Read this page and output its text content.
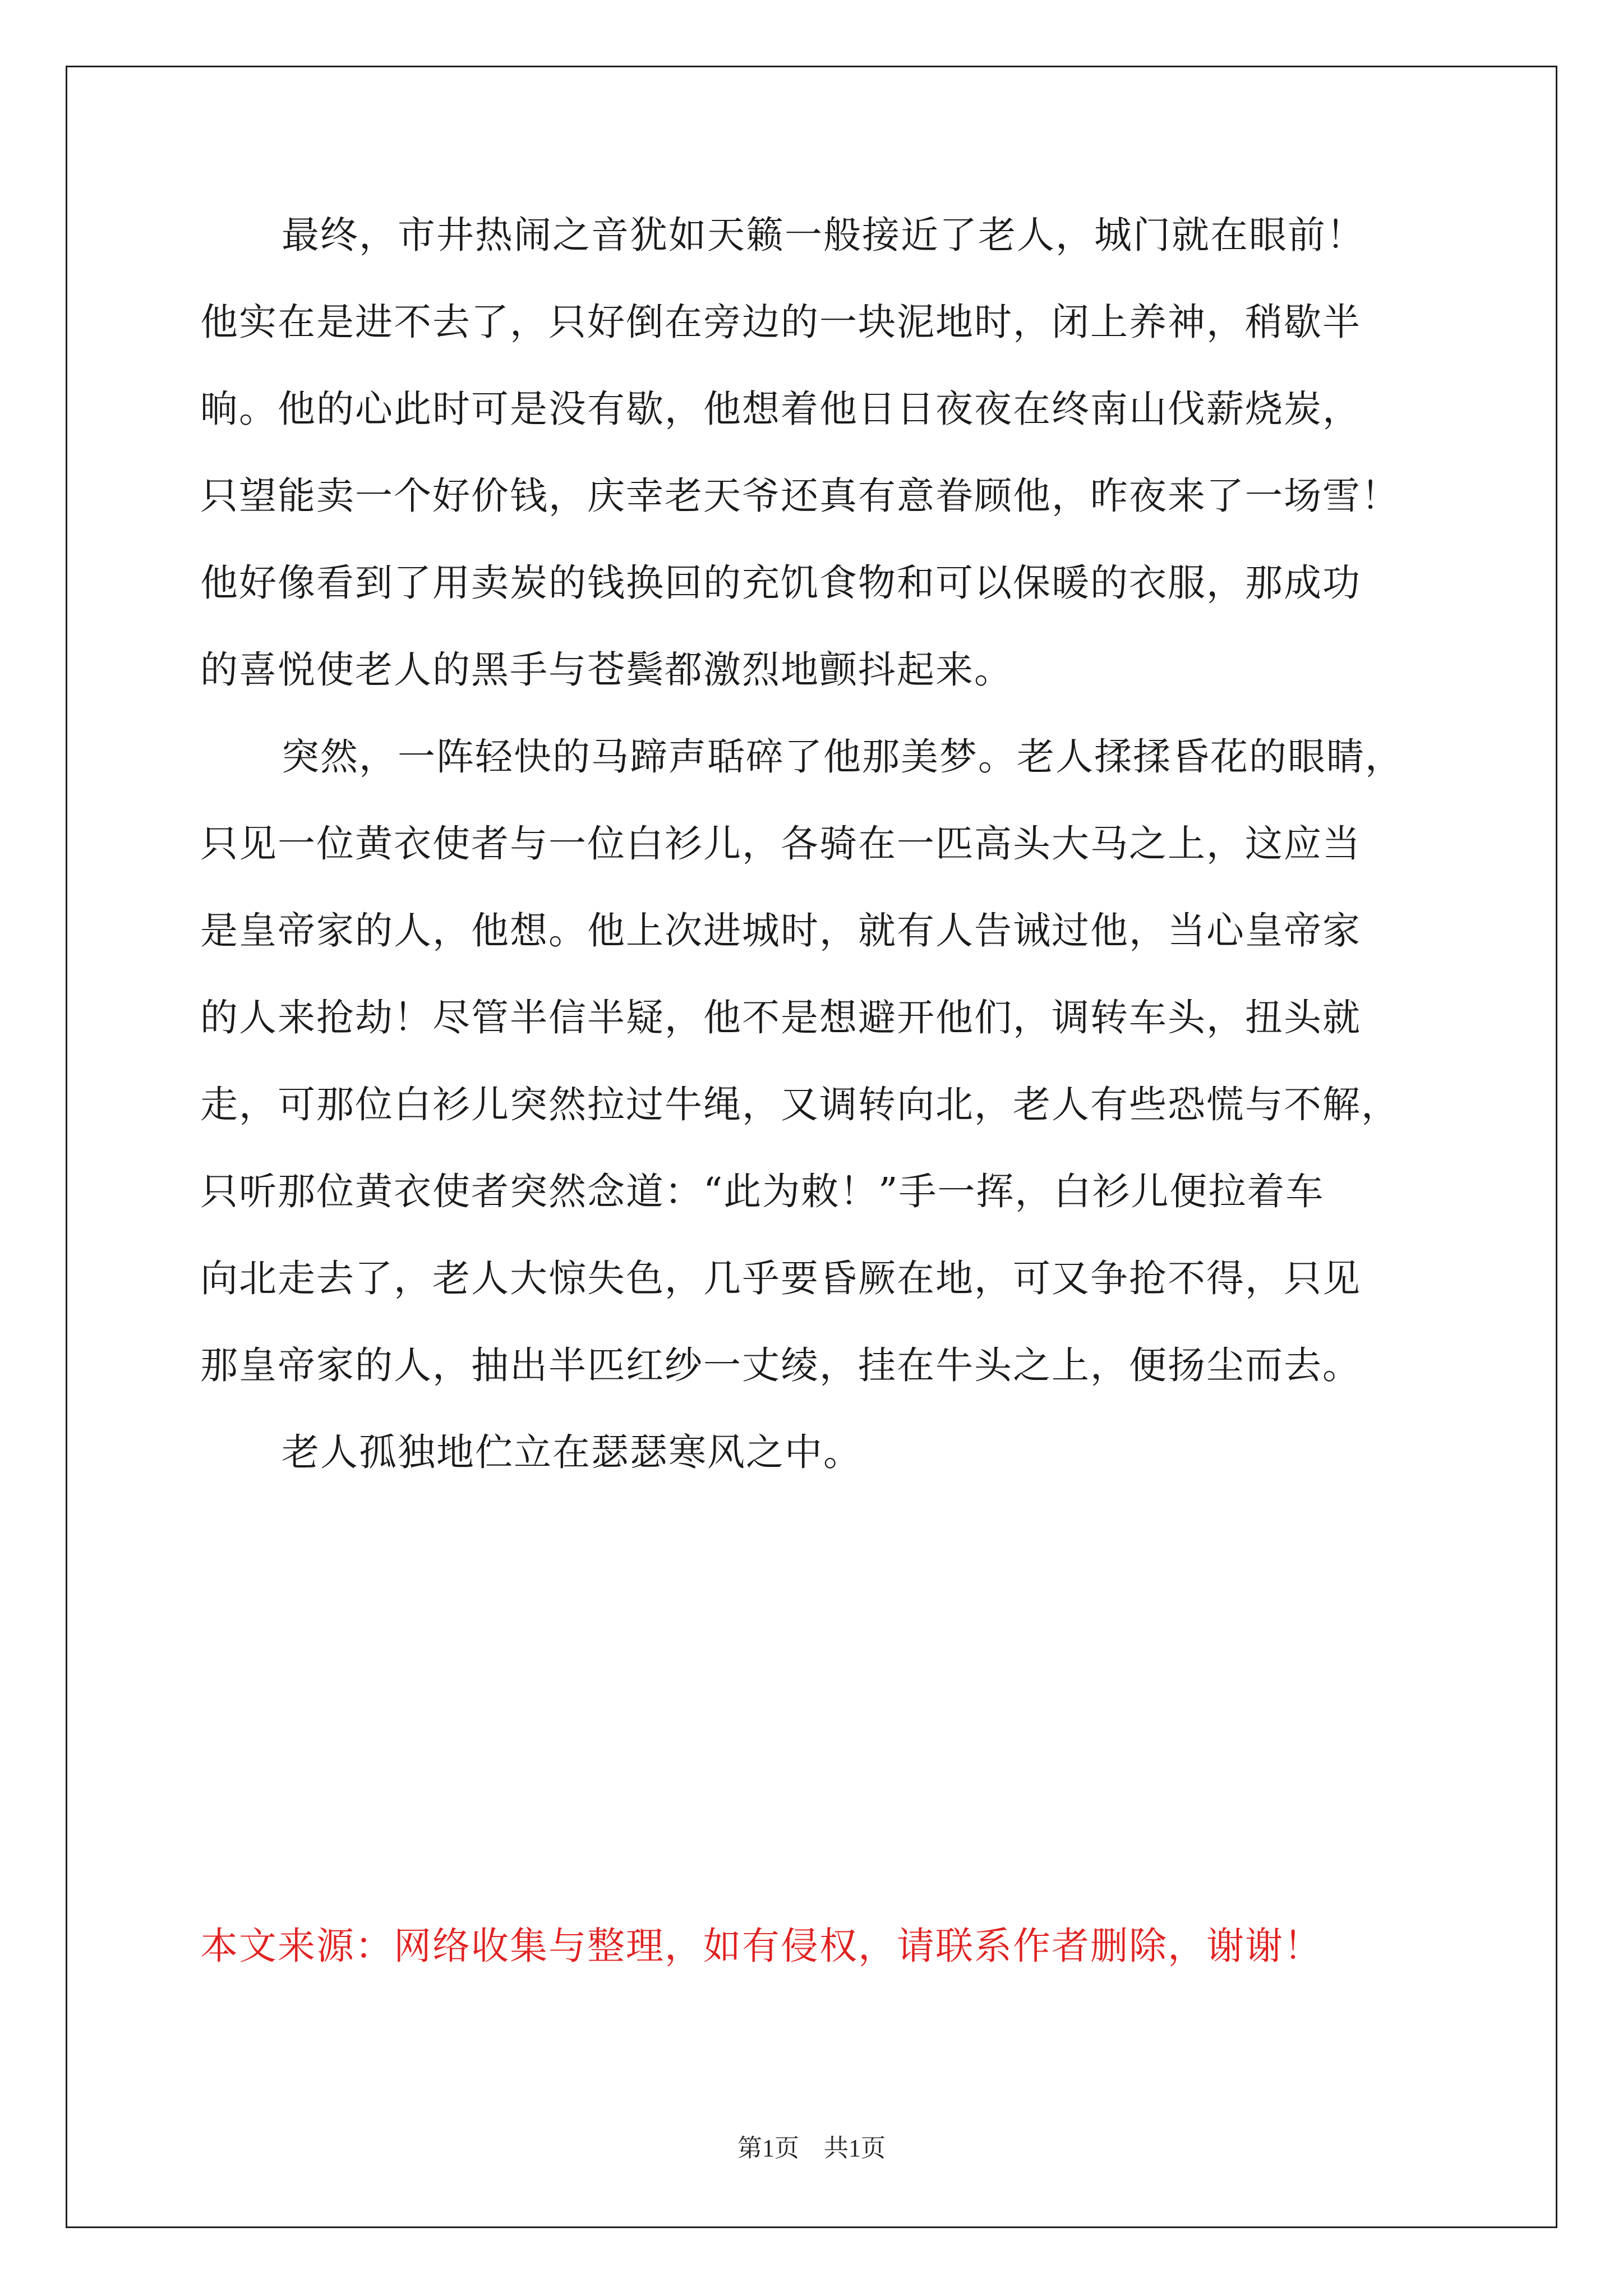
最终，市井热闹之音犹如天籁一般接近了老人，城门就在眼前！
他实在是进不去了，只好倒在旁边的一块泥地时，闭上养神，稍歇半
晌。他的心此时可是没有歇，他想着他日日夜夜在终南山伐薪烧炭，
只望能卖一个好价钱，庆幸老天爷还真有意眷顾他，昨夜来了一场雪！
他好像看到了用卖炭的钱换回的充饥食物和可以保暖的衣服，那成功
的喜悦使老人的黑手与苍鬓都激烈地颤抖起来。
突然，一阵轻快的马蹄声聒碎了他那美梦。老人揉揉昏花的眼睛，
只见一位黄衣使者与一位白衫儿，各骑在一匹高头大马之上，这应当
是皇帝家的人，他想。他上次进城时，就有人告诫过他，当心皇帝家
的人来抢劫！尽管半信半疑，他不是想避开他们，调转车头，扭头就
走，可那位白衫儿突然拉过牛绳，又调转向北，老人有些恐慌与不解，
只听那位黄衣使者突然念道：“此为敕！”手一挥，白衫儿便拉着车
向北走去了，老人大惊失色，几乎要昏厥在地，可又争抢不得，只见
那皇帝家的人，抽出半匹红纱一丈绫，挂在牛头之上，便扬尘而去。
老人孤独地伫立在瑟瑟寒风之中。
本文来源：网络收集与整理，如有侵权，请联系作者删除，谢谢！
第1页　共1页
